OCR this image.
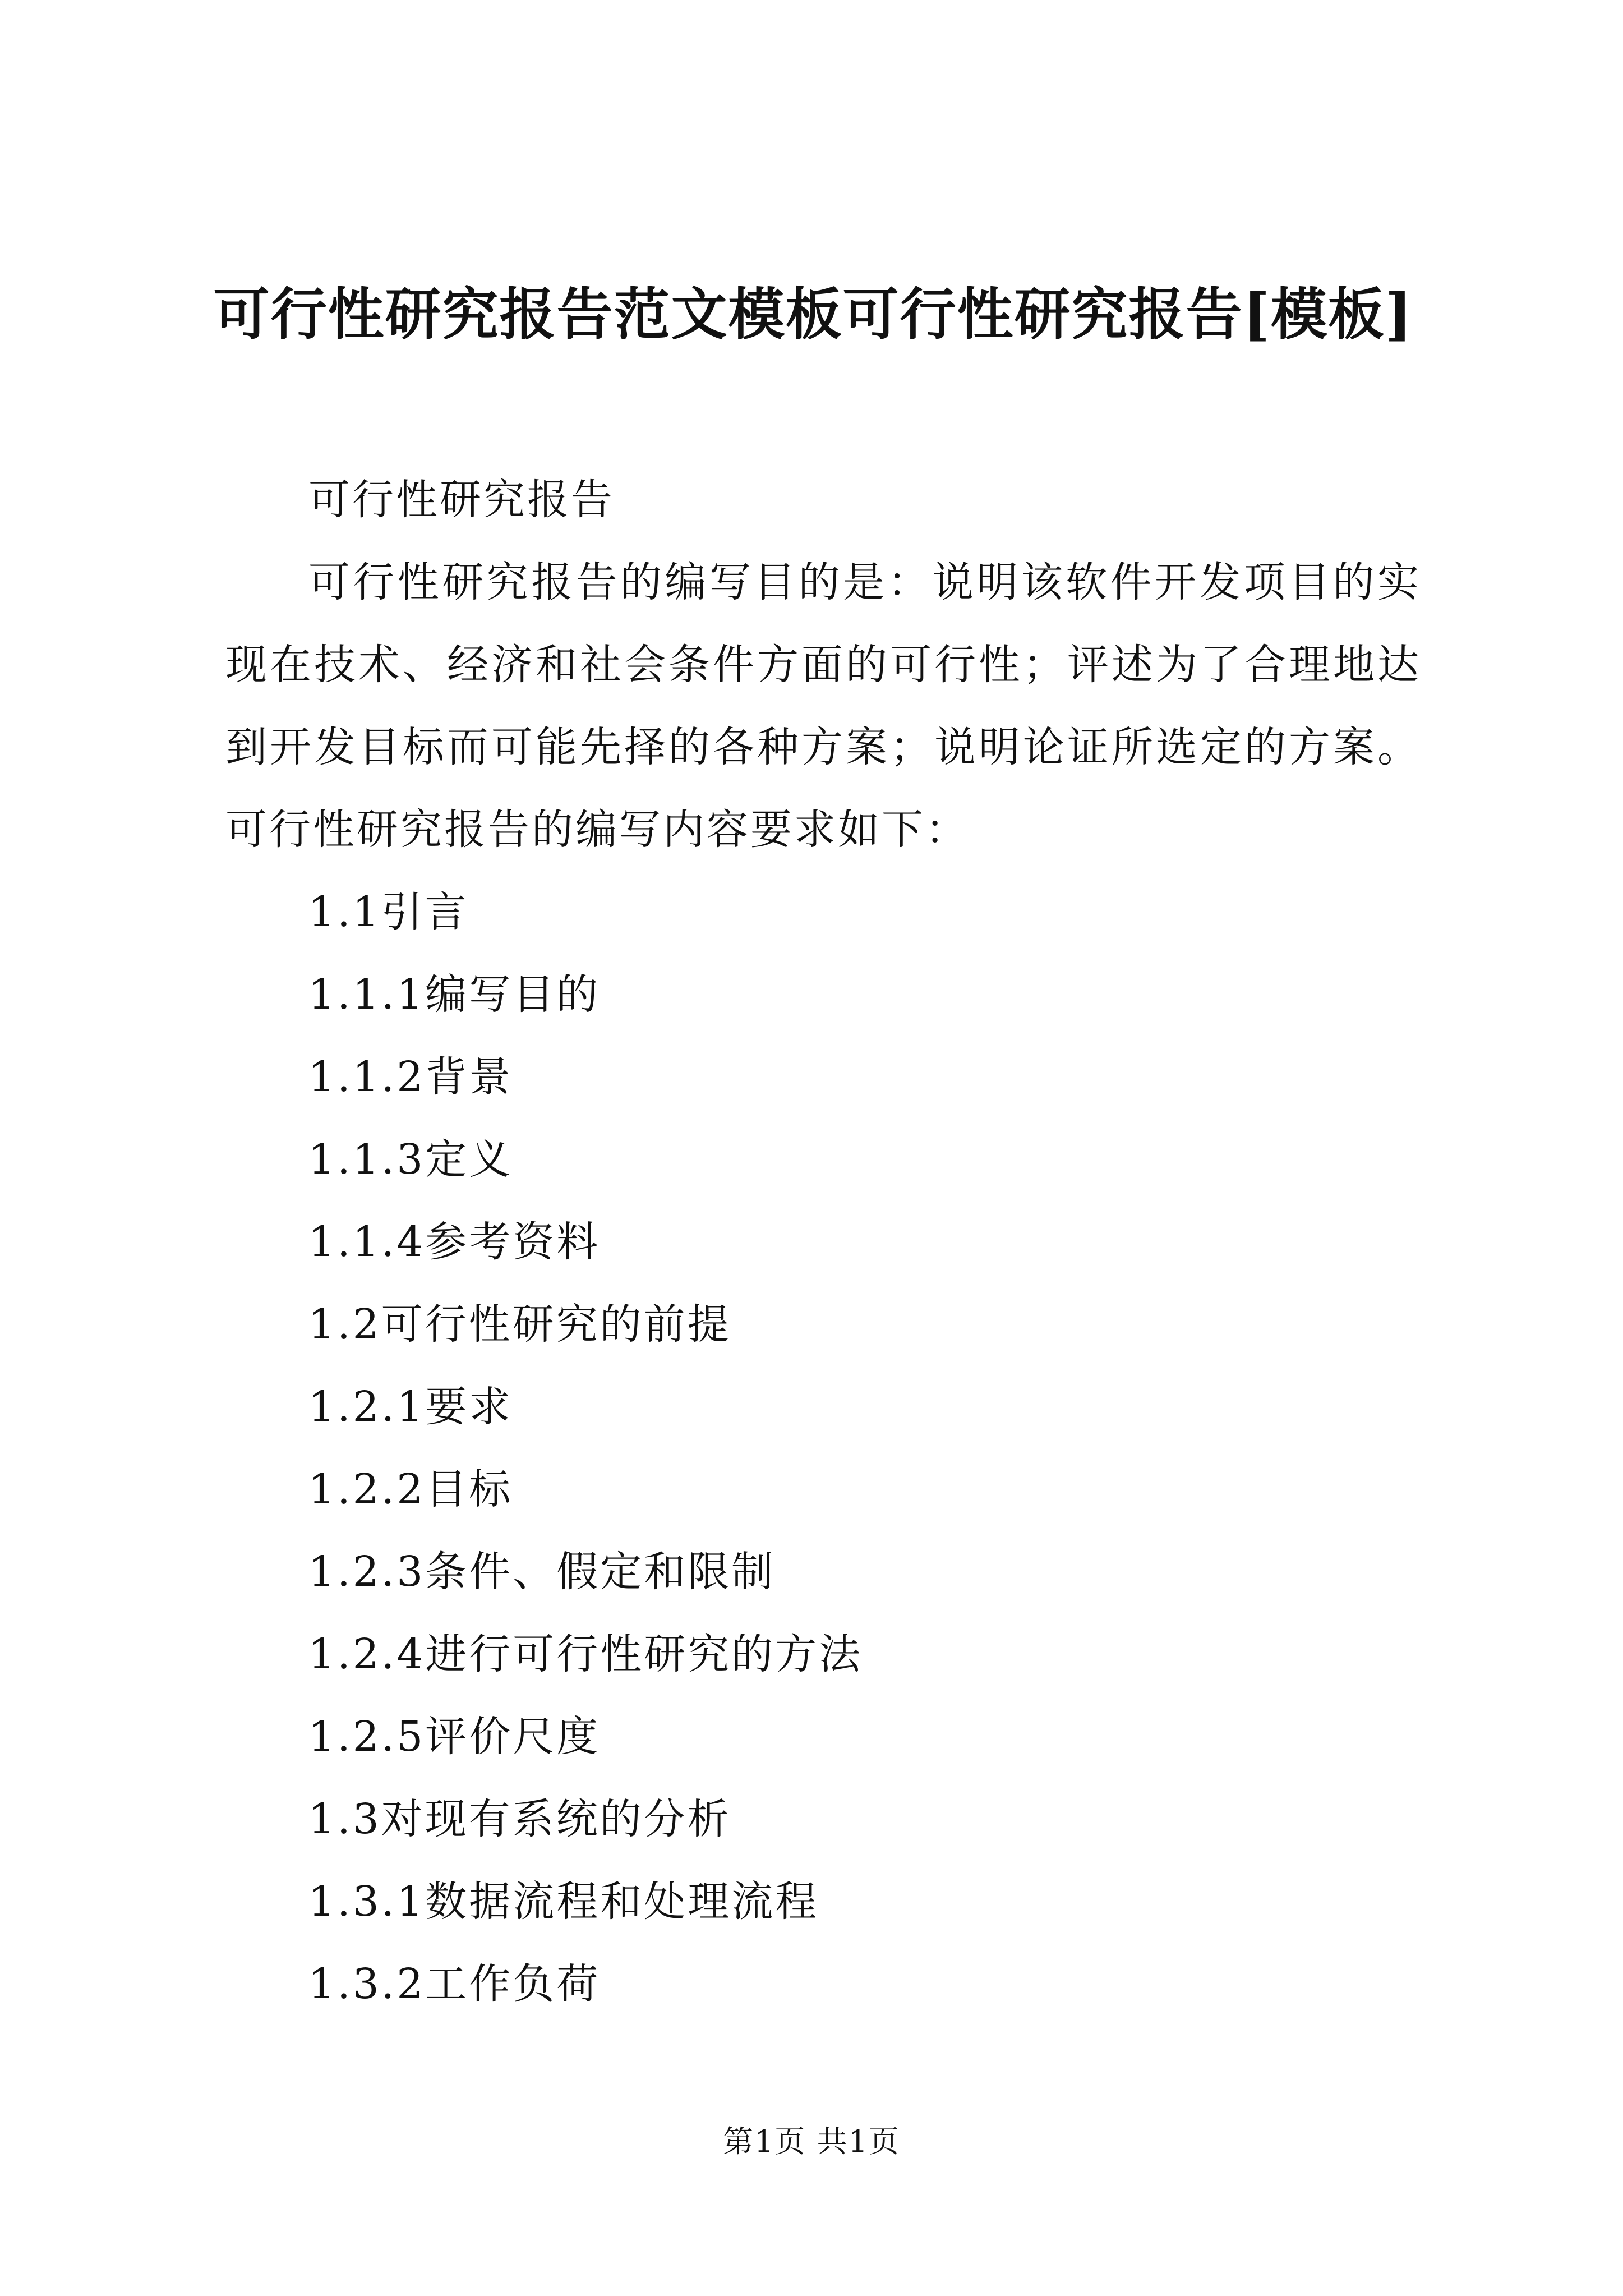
可行性研究报告范文模板可行性研究报告[模板]

可行性研究报告

可行性研究报告的编写目的是：说明该软件开发项目的实现在技术、经济和社会条件方面的可行性；评述为了合理地达到开发目标而可能先择的各种方案；说明论证所选定的方案。可行性研究报告的编写内容要求如下：

1.1引言

1.1.1编写目的

1.1.2背景

1.1.3定义

1.1.4参考资料

1.2可行性研究的前提

1.2.1要求

1.2.2目标

1.2.3条件、假定和限制

1.2.4进行可行性研究的方法

1.2.5评价尺度

1.3对现有系统的分析

1.3.1数据流程和处理流程

1.3.2工作负荷

第1页 共1页
